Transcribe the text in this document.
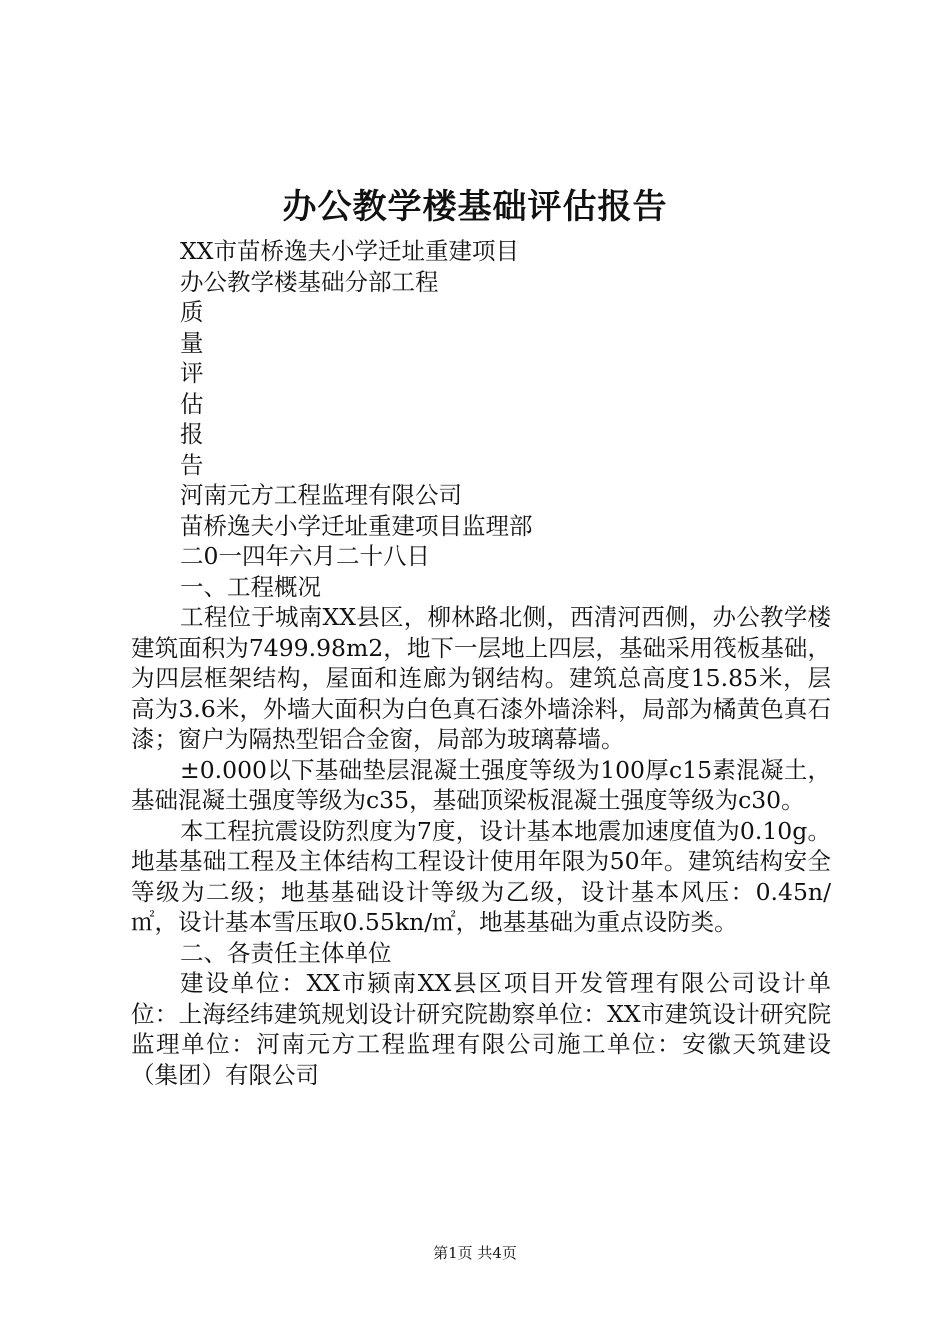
办公教学楼基础评估报告

XX市苗桥逸夫小学迁址重建项目

办公教学楼基础分部工程

质

量

评

估

报

告

河南元方工程监理有限公司

苗桥逸夫小学迁址重建项目监理部

二0一四年六月二十八日

一、工程概况

工程位于城南XX县区，柳林路北侧，西清河西侧，办公教学楼建筑面积为7499.98m2，地下一层地上四层，基础采用筏板基础，为四层框架结构，屋面和连廊为钢结构。建筑总高度15.85米，层高为3.6米，外墙大面积为白色真石漆外墙涂料，局部为橘黄色真石漆；窗户为隔热型铝合金窗，局部为玻璃幕墙。

±0.000以下基础垫层混凝土强度等级为100厚c15素混凝土，基础混凝土强度等级为c35，基础顶梁板混凝土强度等级为c30。

本工程抗震设防烈度为7度，设计基本地震加速度值为0.10g。地基基础工程及主体结构工程设计使用年限为50年。建筑结构安全等级为二级；地基基础设计等级为乙级，设计基本风压：0.45n/㎡，设计基本雪压取0.55kn/㎡，地基基础为重点设防类。

二、各责任主体单位

建设单位：XX市颍南XX县区项目开发管理有限公司设计单位：上海经纬建筑规划设计研究院勘察单位：XX市建筑设计研究院监理单位：河南元方工程监理有限公司施工单位：安徽天筑建设（集团）有限公司

第1页 共4页
